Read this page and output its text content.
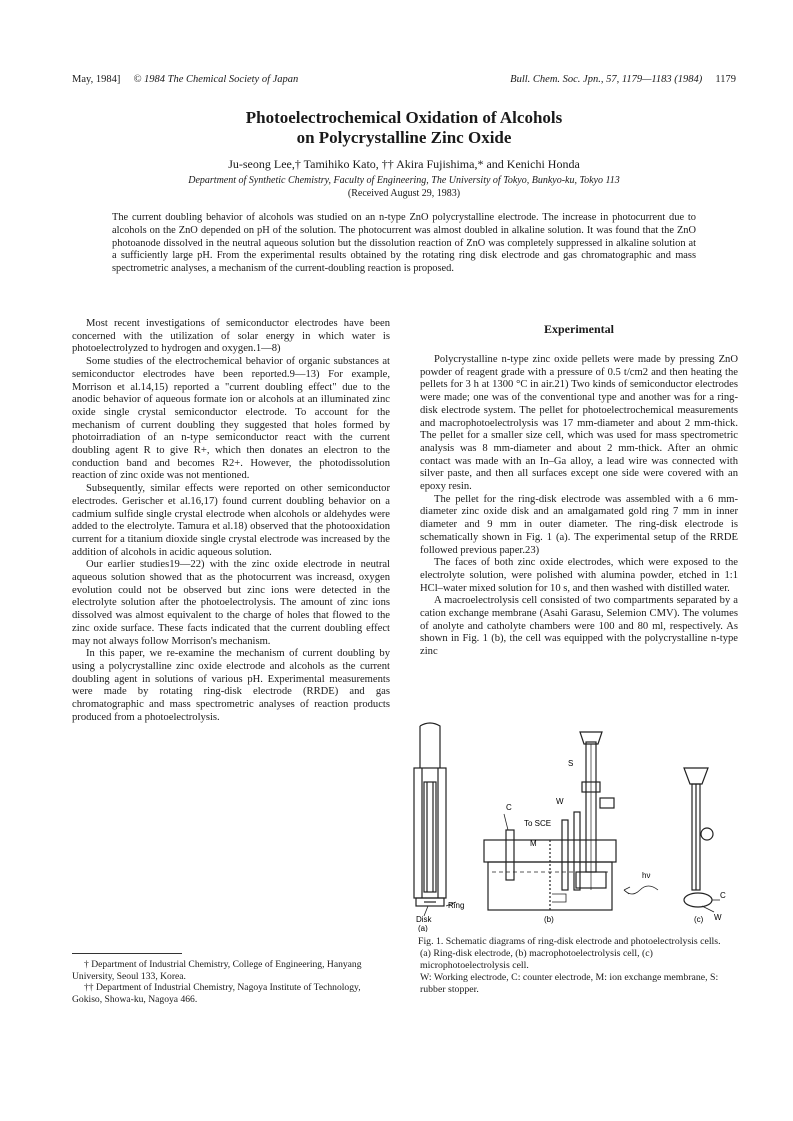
May, 1984] © 1984 The Chemical Society of Japan	Bull. Chem. Soc. Jpn., 57, 1179—1183 (1984) 1179
Photoelectrochemical Oxidation of Alcohols
on Polycrystalline Zinc Oxide
Ju-seong Lee,† Tamihiko Kato, †† Akira Fujishima,* and Kenichi Honda
Department of Synthetic Chemistry, Faculty of Engineering, The University of Tokyo, Bunkyo-ku, Tokyo 113
(Received August 29, 1983)
The current doubling behavior of alcohols was studied on an n-type ZnO polycrystalline electrode. The increase in photocurrent due to alcohols on the ZnO depended on pH of the solution. The photocurrent was almost doubled in alkaline solution. It was found that the ZnO photoanode dissolved in the neutral aqueous solution but the dissolution reaction of ZnO was completely suppressed in alkaline solution at a sufficiently large pH. From the experimental results obtained by the rotating ring disk electrode and gas chromatographic and mass spectrometric analyses, a mechanism of the current-doubling reaction is proposed.

Most recent investigations of semiconductor electrodes have been concerned with the utilization of solar energy in which water is photoelectrolyzed to hydrogen and oxygen.1—8)

Some studies of the electrochemical behavior of organic substances at semiconductor electrodes have been reported.9—13) For example, Morrison et al.14,15) reported a "current doubling effect" due to the anodic behavior of aqueous formate ion or alcohols at an illuminated zinc oxide single crystal semiconductor electrode. To account for the mechanism of current doubling they suggested that holes formed by photoirradiation of an n-type semiconductor react with the current doubling agent R to give R+, which then donates an electron to the conduction band and becomes R2+. However, the photodissolution reaction of zinc oxide was not mentioned.

Subsequently, similar effects were reported on other semiconductor electrodes. Gerischer et al.16,17) found current doubling behavior on a cadmium sulfide single crystal electrode when alcohols or aldehydes were added to the electrolyte. Tamura et al.18) observed that the photooxidation current for a titanium dioxide single crystal electrode was increased by the addition of alcohols in acidic aqueous solution.

Our earlier studies19—22) with the zinc oxide electrode in neutral aqueous solution showed that as the photocurrent was increasd, oxygen evolution could not be observed but zinc ions were detected in the electrolyte solution after the photoelectrolysis. The amount of zinc ions dissolved was almost equivalent to the charge of holes that flowed to the zinc oxide surface. These facts indicated that the current doubling effect may not always follow Morrison's mechanism.

In this paper, we re-examine the mechanism of current doubling by using a polycrystalline zinc oxide electrode and alcohols as the current doubling agent in solutions of various pH. Experimental measurements were made by rotating ring-disk electrode (RRDE) and gas chromatographic and mass spectrometric analyses of reaction products produced from a photoelectrolysis.

Experimental

Polycrystalline n-type zinc oxide pellets were made by pressing ZnO powder of reagent grade with a pressure of 0.5 t/cm2 and then heating the pellets for 3 h at 1300 °C in air.21) Two kinds of semiconductor electrodes were made; one was of the conventional type and another was for a ring-disk electrode system. The pellet for photoelectrochemical measurements and macrophotoelectrolysis was 17 mm-diameter and about 2 mm-thick. The pellet for a smaller size cell, which was used for mass spectrometric analysis was 8 mm-diameter and about 2 mm-thick. After an ohmic contact was made with an In–Ga alloy, a lead wire was connected with silver paste, and then all surfaces except one side were covered with an epoxy resin.

The pellet for the ring-disk electrode was assembled with a 6 mm-diameter zinc oxide disk and an amalgamated gold ring 7 mm in inner diameter and 9 mm in outer diameter. The ring-disk electrode is schematically shown in Fig. 1 (a). The experimental setup of the RRDE followed previous paper.23)

The faces of both zinc oxide electrodes, which were exposed to the electrolyte solution, were polished with alumina powder, etched in 1:1 HCl–water mixed solution for 10 s, and then washed with distilled water.

A macroelectrolysis cell consisted of two compartments separated by a cation exchange membrane (Asahi Garasu, Selemion CMV). The volumes of anolyte and catholyte chambers were 100 and 80 ml, respectively. As shown in Fig. 1 (b), the cell was equipped with the polycrystalline n-type zinc

Ring
Disk
(a)
(b)	(c)
C
W
S
M
To SCE
hν
C
W
Fig. 1. Schematic diagrams of ring-disk electrode and photoelectrolysis cells.
(a) Ring-disk electrode, (b) macrophotoelectrolysis cell, (c) microphotoelectrolysis cell.
W: Working electrode, C: counter electrode, M: ion exchange membrane, S: rubber stopper.
† Department of Industrial Chemistry, College of Engineering, Hanyang University, Seoul 133, Korea.
†† Department of Industrial Chemistry, Nagoya Institute of Technology, Gokiso, Showa-ku, Nagoya 466.
